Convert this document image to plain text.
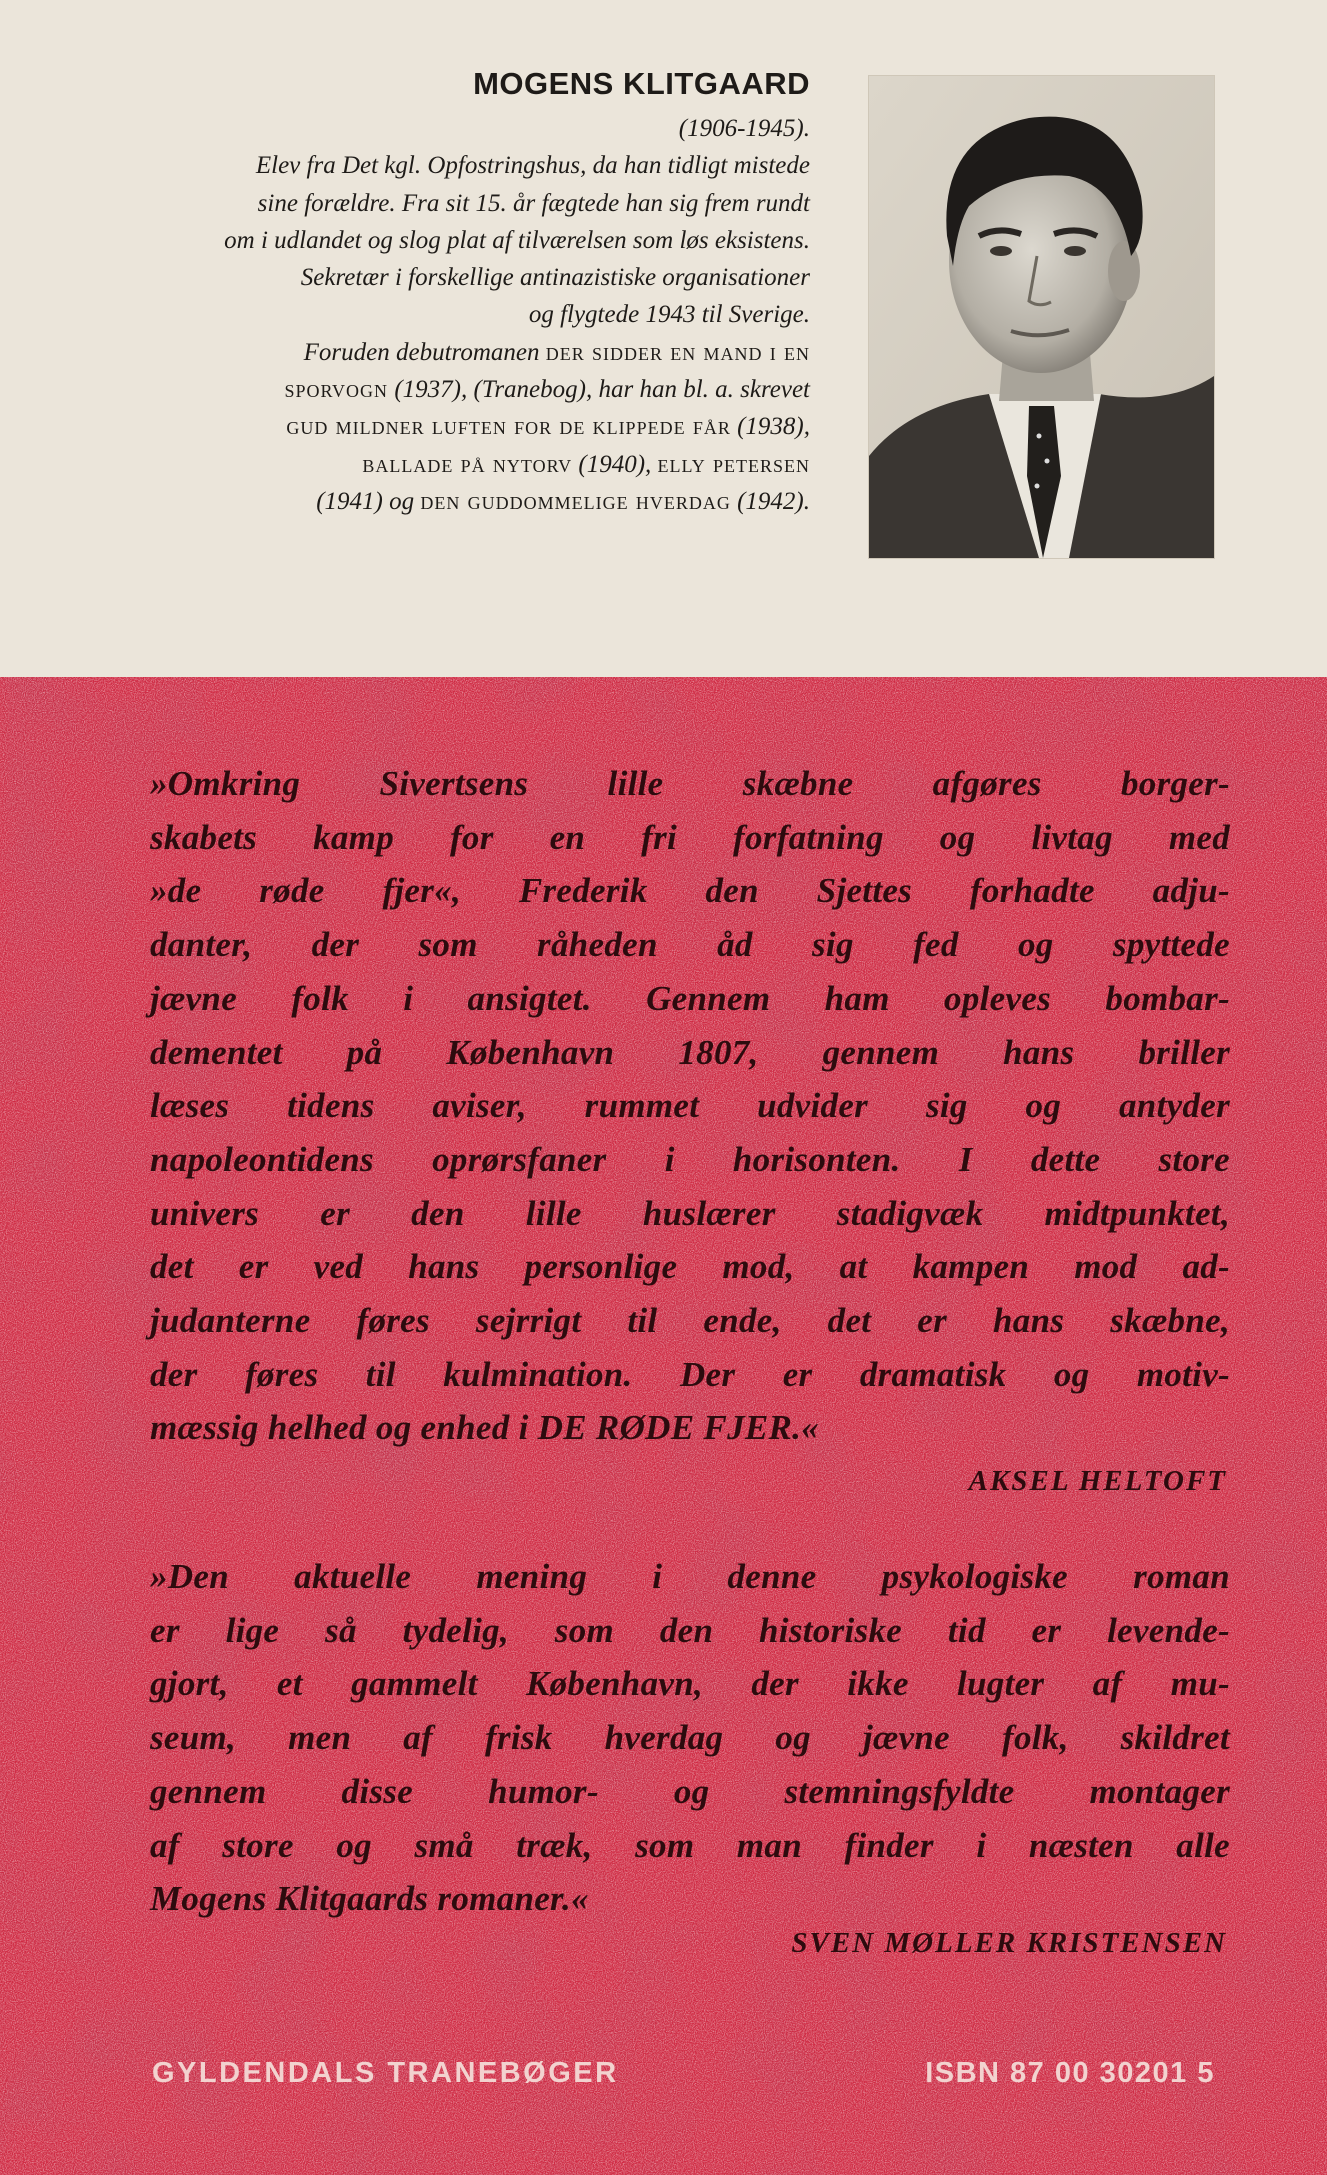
MOGENS KLITGAARD
(1906-1945).
Elev fra Det kgl. Opfostringshus, da han tidligt mistede
sine forældre. Fra sit 15. år fægtede han sig frem rundt
om i udlandet og slog plat af tilværelsen som løs eksistens.
Sekretær i forskellige antinazistiske organisationer
og flygtede 1943 til Sverige.
Foruden debutromanen der sidder en mand i en
sporvogn (1937), (Tranebog), har han bl. a. skrevet
gud mildner luften for de klippede får (1938),
ballade på nytorv (1940), elly petersen
(1941) og den guddommelige hverdag (1942).
»Omkring Sivertsens lille skæbne afgøres borger-
skabets kamp for en fri forfatning og livtag med
»de røde fjer«, Frederik den Sjettes forhadte adju-
danter, der som råheden åd sig fed og spyttede
jævne folk i ansigtet. Gennem ham opleves bombar-
dementet på København 1807, gennem hans briller
læses tidens aviser, rummet udvider sig og antyder
napoleontidens oprørsfaner i horisonten. I dette store
univers er den lille huslærer stadigvæk midtpunktet,
det er ved hans personlige mod, at kampen mod ad-
judanterne føres sejrrigt til ende, det er hans skæbne,
der føres til kulmination. Der er dramatisk og motiv-
mæssig helhed og enhed i DE RØDE FJER.«
AKSEL HELTOFT
»Den aktuelle mening i denne psykologiske roman
er lige så tydelig, som den historiske tid er levende-
gjort, et gammelt København, der ikke lugter af mu-
seum, men af frisk hverdag og jævne folk, skildret
gennem disse humor- og stemningsfyldte montager
af store og små træk, som man finder i næsten alle
Mogens Klitgaards romaner.«
SVEN MØLLER KRISTENSEN
GYLDENDALS TRANEBØGER	ISBN 87 00 30201 5
